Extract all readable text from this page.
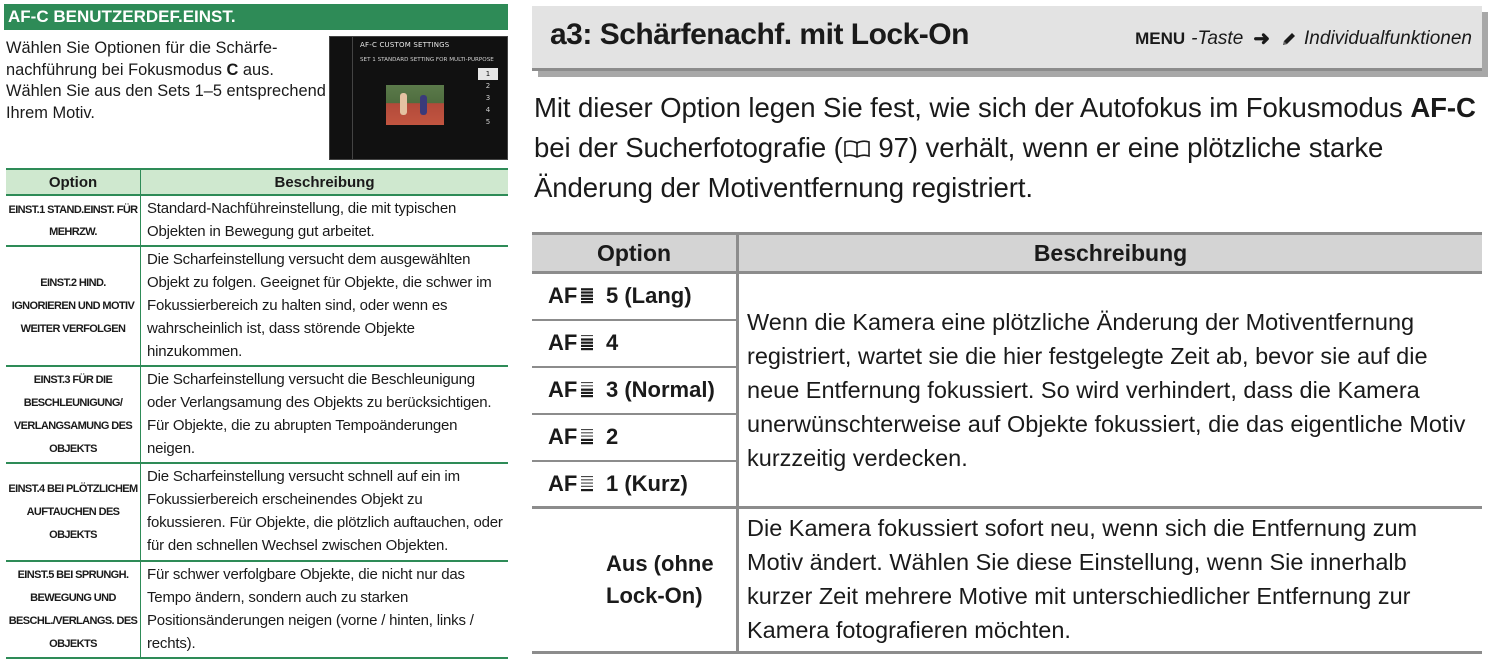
AF-C BENUTZERDEF.EINST.
Wählen Sie Optionen für die Schärfe-nachführung bei Fokusmodus C aus. Wählen Sie aus den Sets 1–5 entsprechend Ihrem Motiv.
AF-C CUSTOM SETTINGS
SET 1 STANDARD SETTING FOR MULTI-PURPOSE
1
2
3
4
5
Option	Beschreibung
EINST.1 STAND.EINST. FÜR MEHRZW.	Standard-Nachführeinstellung, die mit typischen Objekten in Bewegung gut arbeitet.
EINST.2 HIND. IGNORIEREN UND MOTIV WEITER VERFOLGEN	Die Scharfeinstellung versucht dem ausgewählten Objekt zu folgen. Geeignet für Objekte, die schwer im Fokussierbereich zu halten sind, oder wenn es wahrscheinlich ist, dass störende Objekte hinzukommen.
EINST.3 FÜR DIE BESCHLEUNIGUNG/ VERLANGSAMUNG DES OBJEKTS	Die Scharfeinstellung versucht die Beschleunigung oder Verlangsamung des Objekts zu berücksichtigen. Für Objekte, die zu abrupten Tempoänderungen neigen.
EINST.4 BEI PLÖTZLICHEM AUFTAUCHEN DES OBJEKTS	Die Scharfeinstellung versucht schnell auf ein im Fokussierbereich erscheinendes Objekt zu fokussieren. Für Objekte, die plötzlich auftauchen, oder für den schnellen Wechsel zwischen Objekten.
EINST.5 BEI SPRUNGH. BEWEGUNG UND BESCHL./VERLANGS. DES OBJEKTS	Für schwer verfolgbare Objekte, die nicht nur das Tempo ändern, sondern auch zu starken Positionsänderungen neigen (vorne / hinten, links / rechts).
a3: Schärfenachf. mit Lock-On	MENU -Taste ➜ Individualfunktionen
Mit dieser Option legen Sie fest, wie sich der Autofokus im Fokusmodus AF-C bei der Sucherfotografie ( 97) verhält, wenn er eine plötzliche starke Änderung der Motiventfernung registriert.
Option	Beschreibung
AF 5 (Lang)	Wenn die Kamera eine plötzliche Änderung der Motiventfernung registriert, wartet sie die hier festgelegte Zeit ab, bevor sie auf die neue Entfernung fokussiert. So wird verhindert, dass die Kamera unerwünschterweise auf Objekte fokussiert, die das eigentliche Motiv kurzzeitig verdecken.
AF 4	
AF 3 (Normal)	
AF 2	
AF 1 (Kurz)	
Aus (ohne Lock-On)	Die Kamera fokussiert sofort neu, wenn sich die Entfernung zum Motiv ändert. Wählen Sie diese Einstellung, wenn Sie innerhalb kurzer Zeit mehrere Motive mit unterschiedlicher Entfernung zur Kamera fotografieren möchten.
